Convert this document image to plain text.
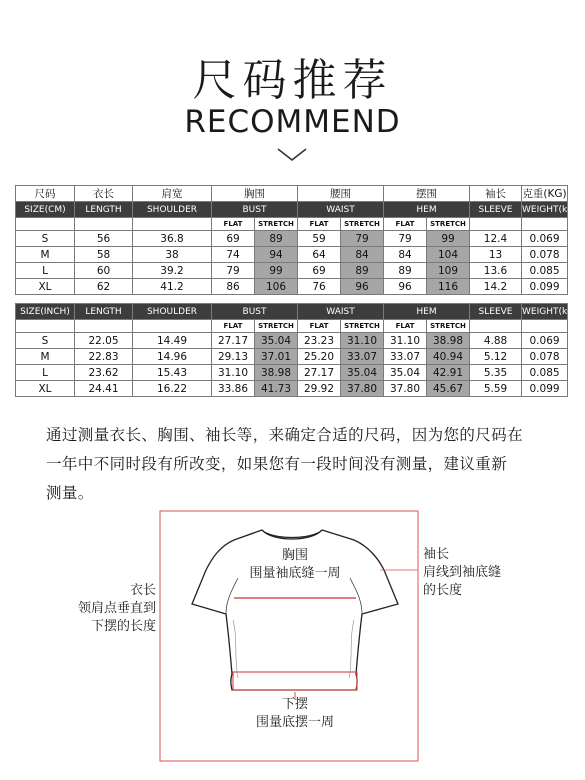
尺码推荐
RECOMMEND
尺码	衣长	肩宽	胸围		腰围		摆围		袖长	克重(KG)
SIZE(CM)	LENGTH	SHOULDER	BUST		WAIST		HEM		SLEEVE	WEIGHT(kg)
			FLAT	STRETCH	FLAT	STRETCH	FLAT	STRETCH		
S	56	36.8	69	89	59	79	79	99	12.4	0.069
M	58	38	74	94	64	84	84	104	13	0.078
L	60	39.2	79	99	69	89	89	109	13.6	0.085
XL	62	41.2	86	106	76	96	96	116	14.2	0.099
SIZE(INCH)	LENGTH	SHOULDER	BUST		WAIST		HEM		SLEEVE	WEIGHT(kg)
			FLAT	STRETCH	FLAT	STRETCH	FLAT	STRETCH		
S	22.05	14.49	27.17	35.04	23.23	31.10	31.10	38.98	4.88	0.069
M	22.83	14.96	29.13	37.01	25.20	33.07	33.07	40.94	5.12	0.078
L	23.62	15.43	31.10	38.98	27.17	35.04	35.04	42.91	5.35	0.085
XL	24.41	16.22	33.86	41.73	29.92	37.80	37.80	45.67	5.59	0.099
通过测量衣长、胸围、袖长等，来确定合适的尺码，因为您的尺码在
一年中不同时段有所改变，如果您有一段时间没有测量，建议重新
测量。
胸围
围量袖底缝一周
袖长
肩线到袖底缝
的长度
衣长
领肩点垂直到
下摆的长度
下摆
围量底摆一周
